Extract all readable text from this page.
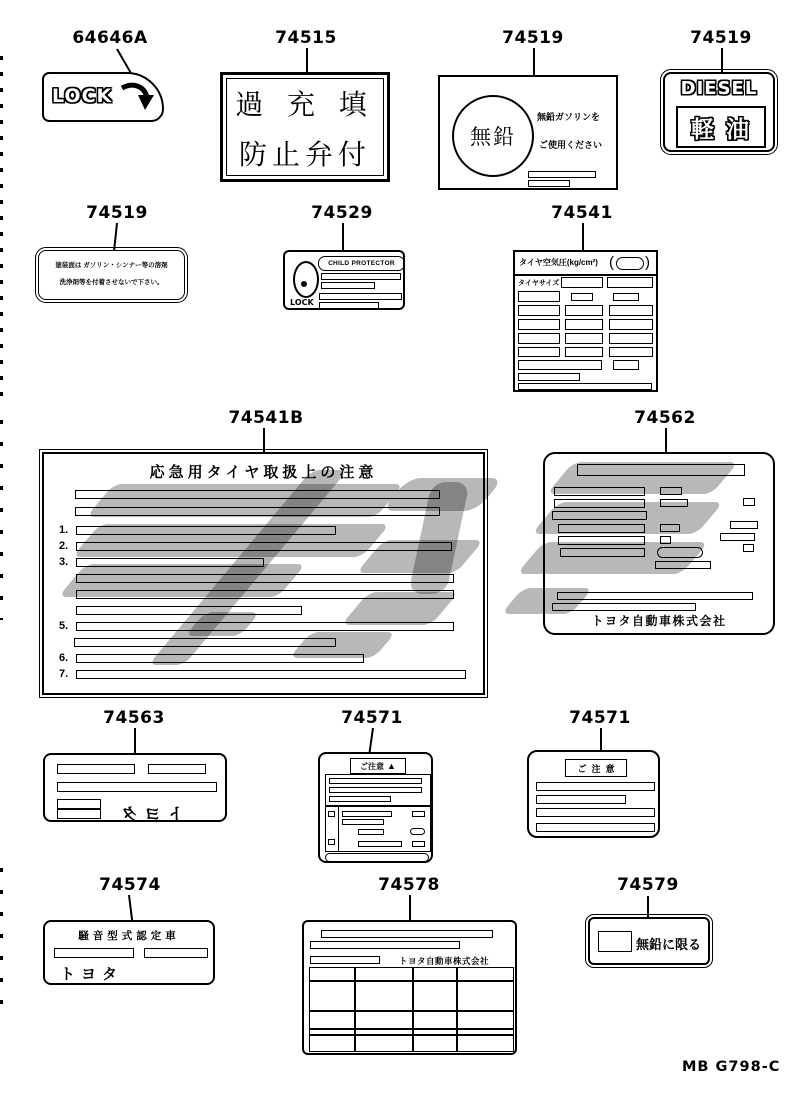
64646A	74515	74519	74519
74519	74529	74541
74541B	74562
74563	74571	74571
74574	74578	74579
LOCK	過 充 填
防止弁付
無鉛
無鉛ガソリンを
ご使用ください
DIESEL
軽油
塗装面は ガソリン・シンナー等の溶剤
洗浄剤等を付着させないで下さい。
LOCK
CHILD PROTECTOR	タイヤ空気圧(kg/cm²) ( )
タイヤサイズ
応急用タイヤ取扱上の注意
1.
2.
3.
5.
6.
7.
トヨタ自動車株式会社
トヨタ
ご注意 ▲	ご注意
騒音型式認定車
トヨタ
トヨタ自動車株式会社
無鉛に限る
MB G798-C
